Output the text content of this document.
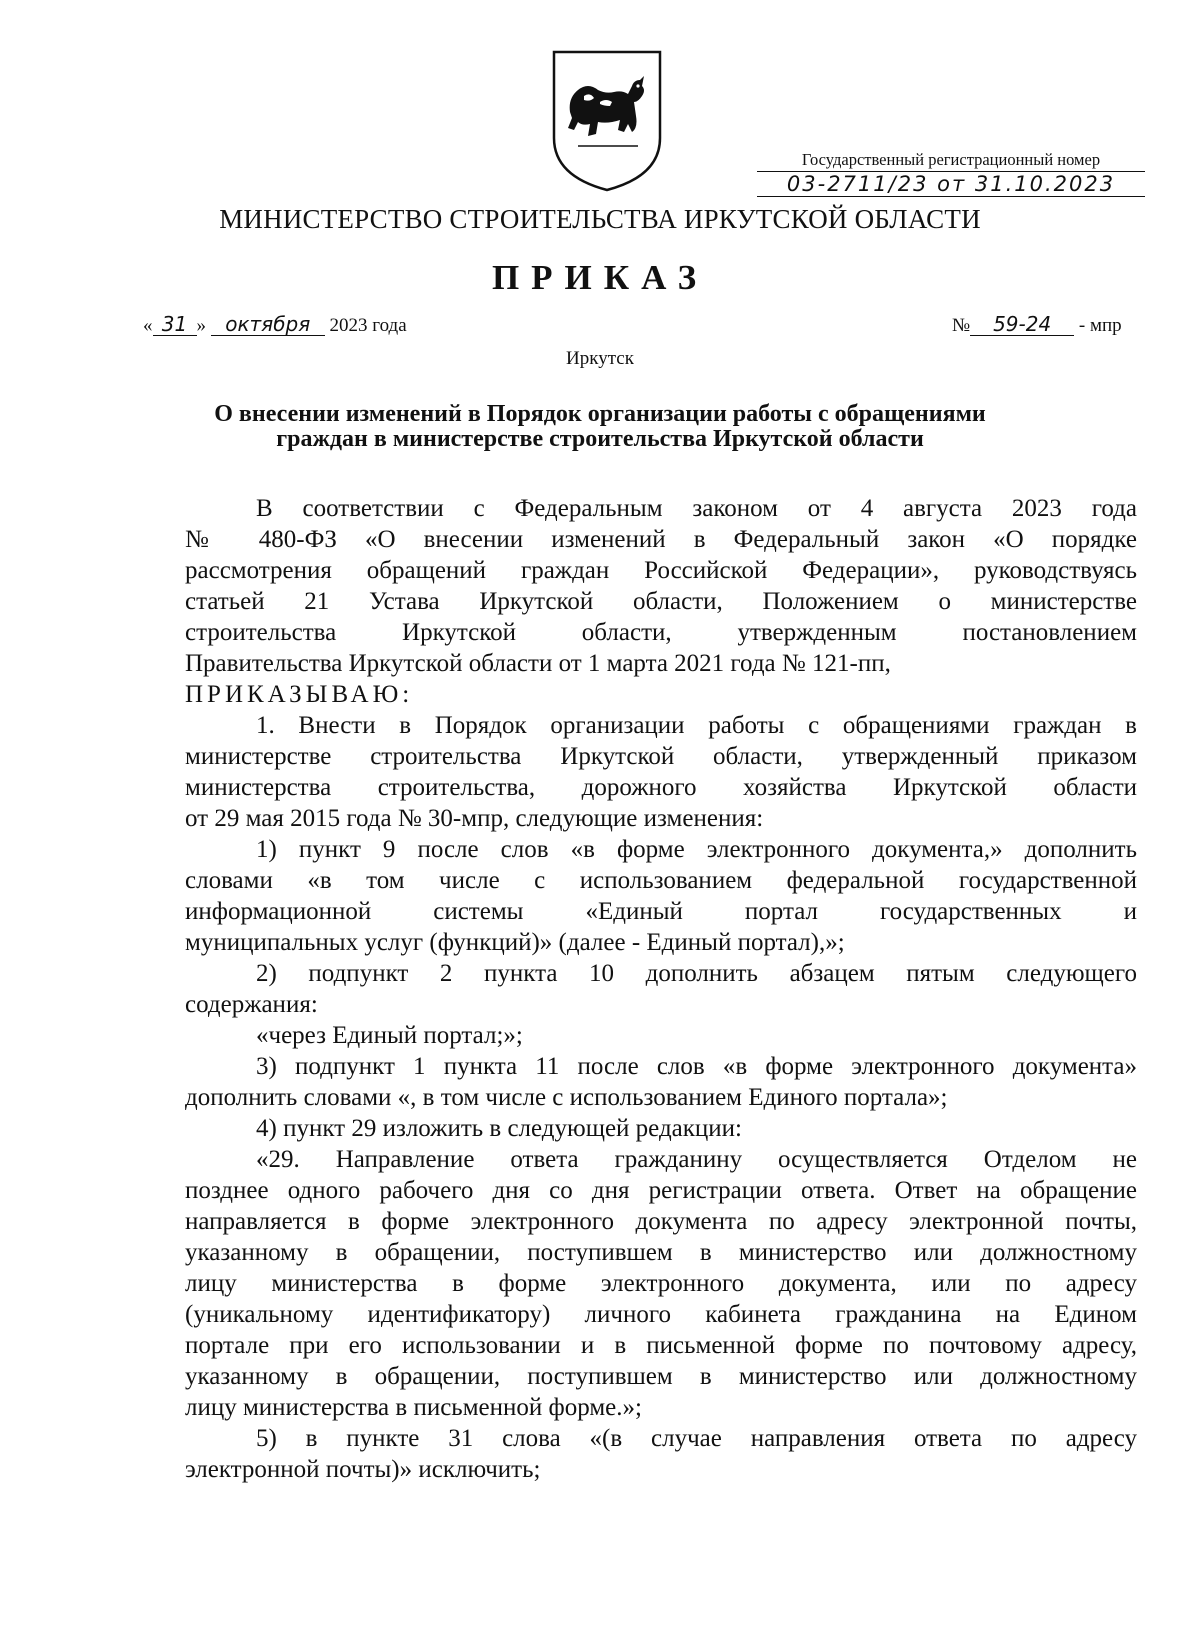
Государственный регистрационный номер
03-2711/23 от 31.10.2023
МИНИСТЕРСТВО СТРОИТЕЛЬСТВА ИРКУТСКОЙ ОБЛАСТИ
ПРИКАЗ
« 31 » октября 2023 года	№ 59-24 - мпр
Иркутск
О внесении изменений в Порядок организации работы с обращениями
граждан в министерстве строительства Иркутской области
В соответствии с Федеральным законом от 4 августа 2023 года
№ 480-ФЗ «О внесении изменений в Федеральный закон «О порядке
рассмотрения обращений граждан Российской Федерации», руководствуясь
статьей 21 Устава Иркутской области, Положением о министерстве
строительства Иркутской области, утвержденным постановлением
Правительства Иркутской области от 1 марта 2021 года № 121-пп,
ПРИКАЗЫВАЮ:
1. Внести в Порядок организации работы с обращениями граждан в
министерстве строительства Иркутской области, утвержденный приказом
министерства строительства, дорожного хозяйства Иркутской области
от 29 мая 2015 года № 30-мпр, следующие изменения:
1) пункт 9 после слов «в форме электронного документа,» дополнить
словами «в том числе с использованием федеральной государственной
информационной системы «Единый портал государственных и
муниципальных услуг (функций)» (далее - Единый портал),»;
2) подпункт 2 пункта 10 дополнить абзацем пятым следующего
содержания:
«через Единый портал;»;
3) подпункт 1 пункта 11 после слов «в форме электронного документа»
дополнить словами «, в том числе с использованием Единого портала»;
4) пункт 29 изложить в следующей редакции:
«29. Направление ответа гражданину осуществляется Отделом не
позднее одного рабочего дня со дня регистрации ответа. Ответ на обращение
направляется в форме электронного документа по адресу электронной почты,
указанному в обращении, поступившем в министерство или должностному
лицу министерства в форме электронного документа, или по адресу
(уникальному идентификатору) личного кабинета гражданина на Едином
портале при его использовании и в письменной форме по почтовому адресу,
указанному в обращении, поступившем в министерство или должностному
лицу министерства в письменной форме.»;
5) в пункте 31 слова «(в случае направления ответа по адресу
электронной почты)» исключить;
